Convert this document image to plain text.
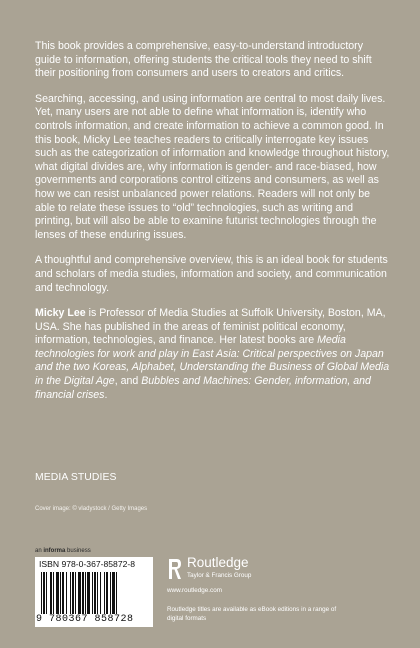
This book provides a comprehensive, easy-to-understand introductory guide to information, offering students the critical tools they need to shift their positioning from consumers and users to creators and critics.

Searching, accessing, and using information are central to most daily lives. Yet, many users are not able to define what information is, identify who controls information, and create information to achieve a common good. In this book, Micky Lee teaches readers to critically interrogate key issues such as the categorization of information and knowledge throughout history, what digital divides are, why information is gender- and race-biased, how governments and corporations control citizens and consumers, as well as how we can resist unbalanced power relations. Readers will not only be able to relate these issues to “old” technologies, such as writing and printing, but will also be able to examine futurist technologies through the lenses of these enduring issues.

A thoughtful and comprehensive overview, this is an ideal book for students and scholars of media studies, information and society, and communication and technology.

Micky Lee is Professor of Media Studies at Suffolk University, Boston, MA, USA. She has published in the areas of feminist political economy, information, technologies, and finance. Her latest books are Media technologies for work and play in East Asia: Critical perspectives on Japan and the two Koreas, Alphabet, Understanding the Business of Global Media in the Digital Age, and Bubbles and Machines: Gender, information, and financial crises.

MEDIA STUDIES
Cover image: © vladystock / Getty Images
an informa business
ISBN 978-0-367-85872-8
9 780367 858728
Routledge
Taylor & Francis Group
www.routledge.com
Routledge titles are available as eBook editions in a range of digital formats
